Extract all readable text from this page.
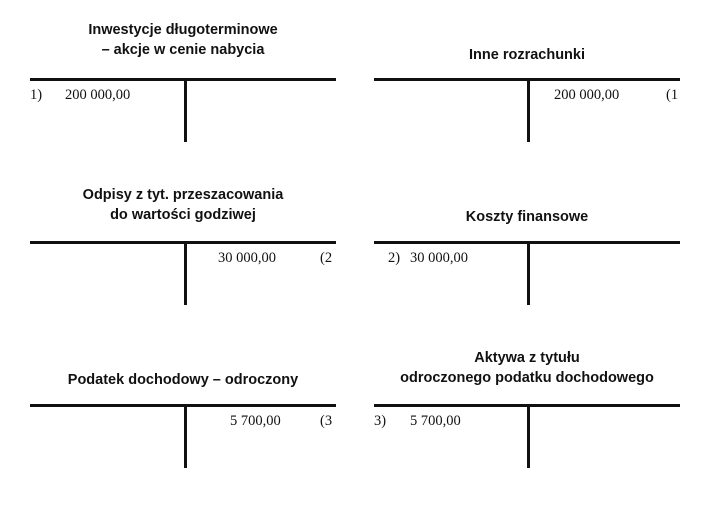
Inwestycje długoterminowe
– akcje w cenie nabycia
1) 200 000,00
Inne rozrachunki
200 000,00	(1
Odpisy z tyt. przeszacowania
do wartości godziwej
30 000,00	(2
Koszty finansowe
2) 30 000,00
Podatek dochodowy – odroczony
5 700,00	(3
Aktywa z tytułu
odroczonego podatku dochodowego
3) 5 700,00
